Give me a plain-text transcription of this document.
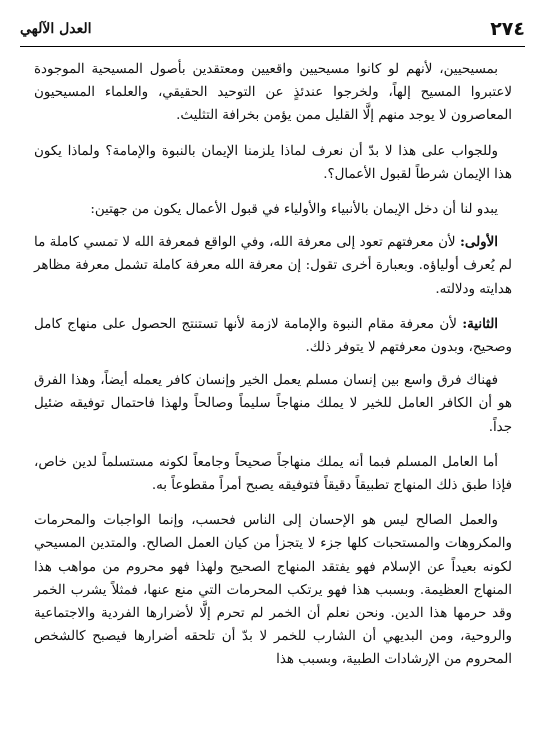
٢٧٤
العدل الآلهي

بمسيحيين، لأنهم لو كانوا مسيحيين واقعيين ومعتقدين بأصول المسيحية الموجودة لاعتبروا المسيح إلهاً، ولخرجوا عندئذٍ عن التوحيد الحقيقي، والعلماء المسيحيون المعاصرون لا يوجد منهم إلَّا القليل ممن يؤمن بخرافة التثليث.

وللجواب على هذا لا بدّ أن نعرف لماذا يلزمنا الإيمان بالنبوة والإمامة؟ ولماذا يكون هذا الإيمان شرطاً لقبول الأعمال؟.

يبدو لنا أن دخل الإيمان بالأنبياء والأولياء في قبول الأعمال يكون من جهتين:

الأولى: لأن معرفتهم تعود إلى معرفة الله، وفي الواقع فمعرفة الله لا تمسي كاملة ما لم يُعرف أولياؤه. وبعبارة أخرى تقول: إن معرفة الله معرفة كاملة تشمل معرفة مظاهر هدايته ودلالته.

الثانية: لأن معرفة مقام النبوة والإمامة لازمة لأنها تستنتج الحصول على منهاج كامل وصحيح، وبدون معرفتهم لا يتوفر ذلك.

فهناك فرق واسع بين إنسان مسلم يعمل الخير وإنسان كافر يعمله أيضاً، وهذا الفرق هو أن الكافر العامل للخير لا يملك منهاجاً سليماً وصالحاً ولهذا فاحتمال توفيقه ضئيل جداً.

أما العامل المسلم فبما أنه يملك منهاجاً صحيحاً وجامعاً لكونه مستسلماً لدين خاص، فإذا طبق ذلك المنهاج تطبيقاً دقيقاً فتوفيقه يصبح أمراً مقطوعاً به.

والعمل الصالح ليس هو الإحسان إلى الناس فحسب، وإنما الواجبات والمحرمات والمكروهات والمستحبات كلها جزء لا يتجزأ من كيان العمل الصالح. والمتدين المسيحي لكونه بعيداً عن الإسلام فهو يفتقد المنهاج الصحيح ولهذا فهو محروم من مواهب هذا المنهاج العظيمة. وبسبب هذا فهو يرتكب المحرمات التي منع عنها، فمثلاً يشرب الخمر وقد حرمها هذا الدين. ونحن نعلم أن الخمر لم تحرم إلَّا لأضرارها الفردية والاجتماعية والروحية، ومن البديهي أن الشارب للخمر لا بدّ أن تلحقه أضرارها فيصبح كالشخص المحروم من الإرشادات الطبية، وبسبب هذا
